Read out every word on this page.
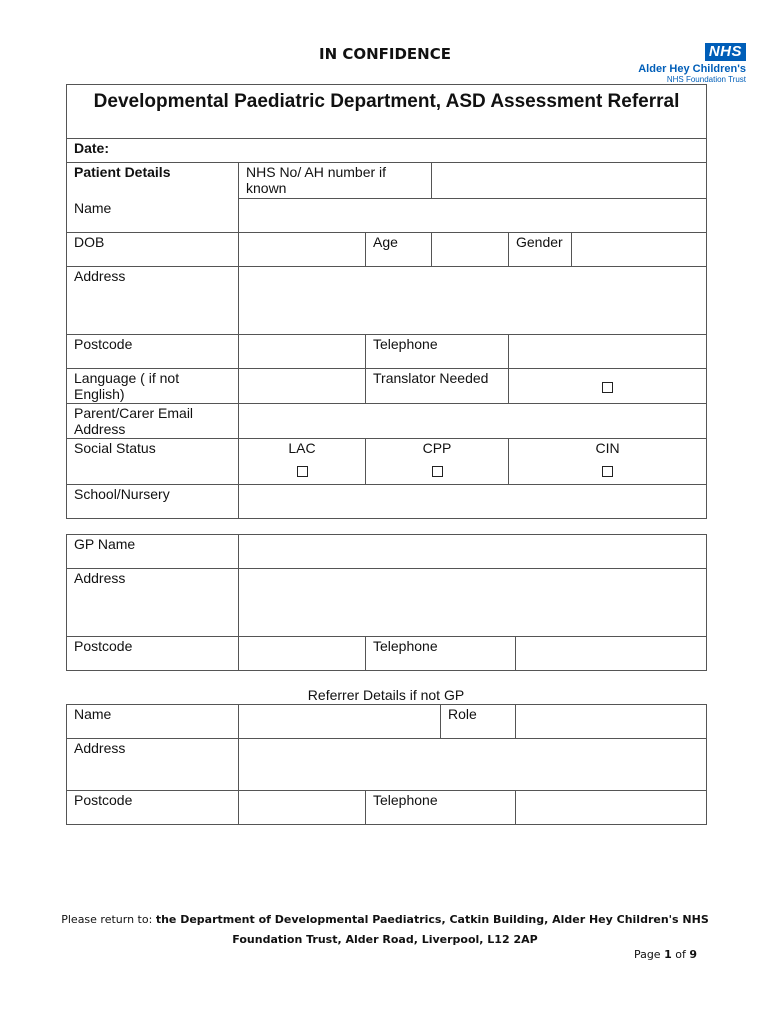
IN CONFIDENCE	NHS
Alder Hey Children's
NHS Foundation Trust
Developmental Paediatric Department, ASD Assessment Referral					
Date:					
Patient Details	NHS No/ AH number if known				
Name					
DOB		Age		Gender	
Address					
Postcode		Telephone			
Language ( if not English)		Translator Needed			
Parent/Carer Email Address					
Social Status	LAC	CPP		CIN	

School/Nursery					
GP Name			
Address			
Postcode		Telephone	
Referrer Details if not GP
Name			Role	
Address				
Postcode		Telephone		
Please return to: the Department of Developmental Paediatrics, Catkin Building, Alder Hey Children's NHS Foundation Trust, Alder Road, Liverpool, L12 2AP
Page 1 of 9
